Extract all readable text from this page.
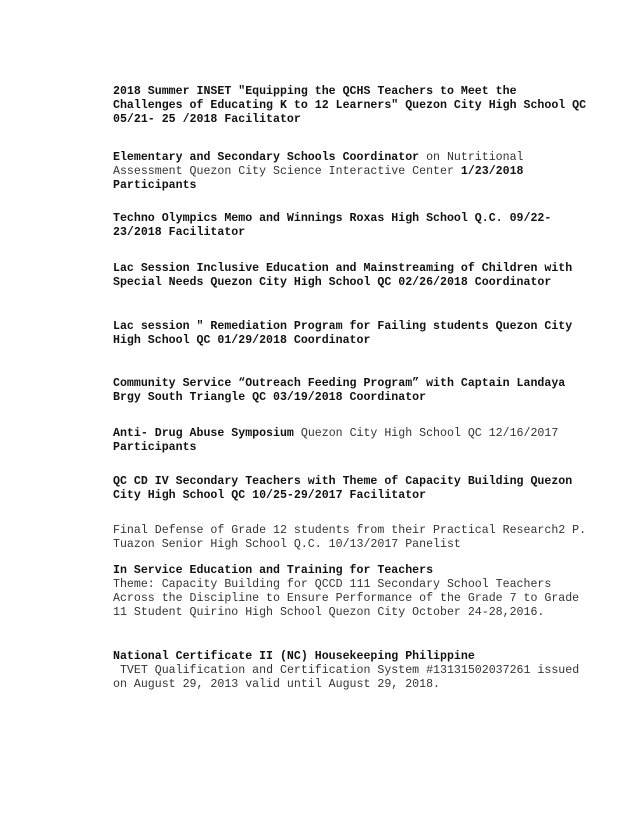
2018 Summer INSET "Equipping the QCHS Teachers to Meet the Challenges of Educating K to 12 Learners" Quezon City High School QC 05/21- 25 /2018 Facilitator
Elementary and Secondary Schools Coordinator on Nutritional Assessment Quezon City Science Interactive Center 1/23/2018 Participants
Techno Olympics Memo and Winnings Roxas High School Q.C. 09/22-23/2018 Facilitator
Lac Session Inclusive Education and Mainstreaming of Children with Special Needs Quezon City High School QC 02/26/2018 Coordinator
Lac session " Remediation Program for Failing students Quezon City High School QC 01/29/2018 Coordinator
Community Service “Outreach Feeding Program” with Captain Landaya Brgy South Triangle QC 03/19/2018 Coordinator
Anti- Drug Abuse Symposium Quezon City High School QC 12/16/2017 Participants
QC CD IV Secondary Teachers with Theme of Capacity Building Quezon City High School QC 10/25-29/2017 Facilitator
Final Defense of Grade 12 students from their Practical Research2 P. Tuazon Senior High School Q.C. 10/13/2017 Panelist
In Service Education and Training for Teachers
Theme: Capacity Building for QCCD 111 Secondary School Teachers Across the Discipline to Ensure Performance of the Grade 7 to Grade 11 Student Quirino High School Quezon City October 24-28,2016.
National Certificate II (NC) Housekeeping Philippine
TVET Qualification and Certification System #13131502037261 issued on August 29, 2013 valid until August 29, 2018.
